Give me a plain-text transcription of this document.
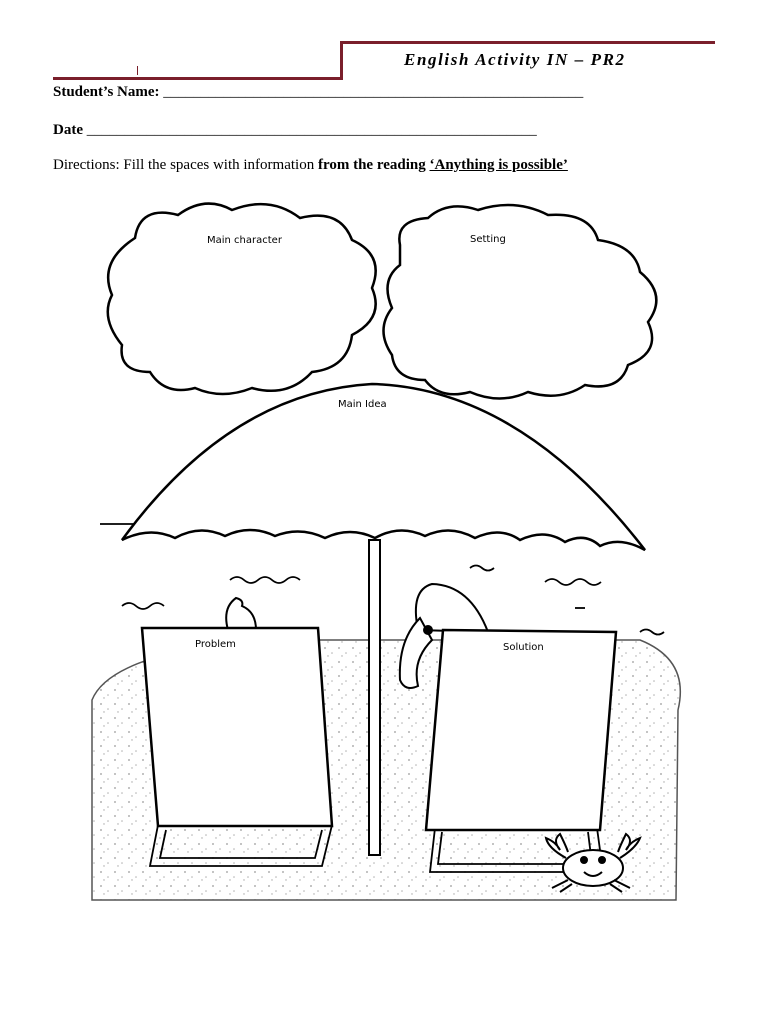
English Activity IN – PR2
Student’s Name: ________________________________________________________
Date ____________________________________________________________
Directions: Fill the spaces with information from the reading ‘Anything is possible’
Main character	Setting
Main Idea
Problem	Solution
